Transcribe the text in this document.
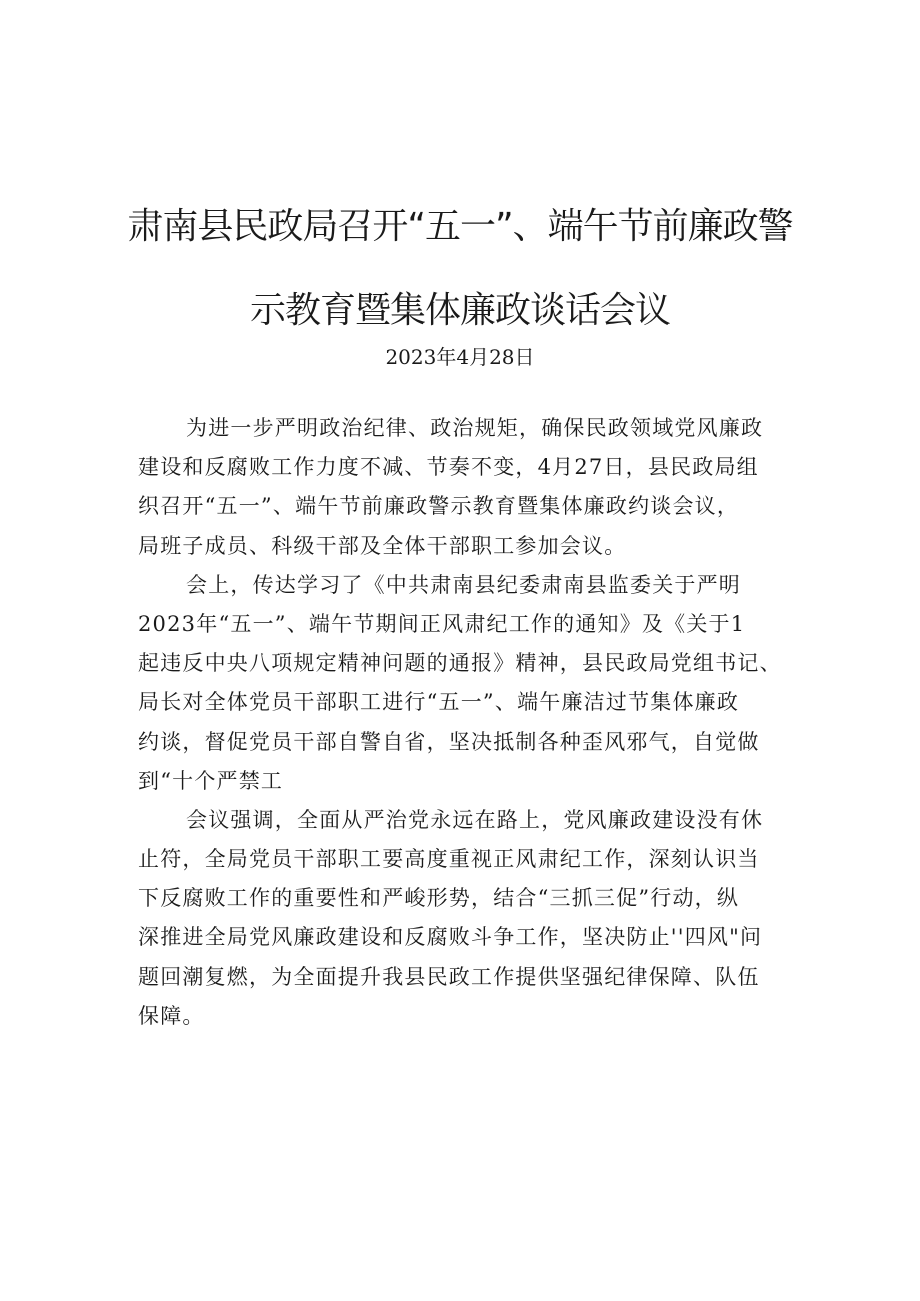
肃南县民政局召开“五一”、端午节前廉政警
示教育暨集体廉政谈话会议
2023年4月28日
为进一步严明政治纪律、政治规矩，确保民政领域党风廉政
建设和反腐败工作力度不减、节奏不变，4月27日，县民政局组
织召开“五一”、端午节前廉政警示教育暨集体廉政约谈会议，
局班子成员、科级干部及全体干部职工参加会议。
会上，传达学习了《中共肃南县纪委肃南县监委关于严明
2023年“五一”、端午节期间正风肃纪工作的通知》及《关于1
起违反中央八项规定精神问题的通报》精神，县民政局党组书记、
局长对全体党员干部职工进行“五一”、端午廉洁过节集体廉政
约谈，督促党员干部自警自省，坚决抵制各种歪风邪气，自觉做
到“十个严禁工
会议强调，全面从严治党永远在路上，党风廉政建设没有休
止符，全局党员干部职工要高度重视正风肃纪工作，深刻认识当
下反腐败工作的重要性和严峻形势，结合“三抓三促”行动，纵
深推进全局党风廉政建设和反腐败斗争工作，坚决防止''四风"问
题回潮复燃，为全面提升我县民政工作提供坚强纪律保障、队伍
保障。
